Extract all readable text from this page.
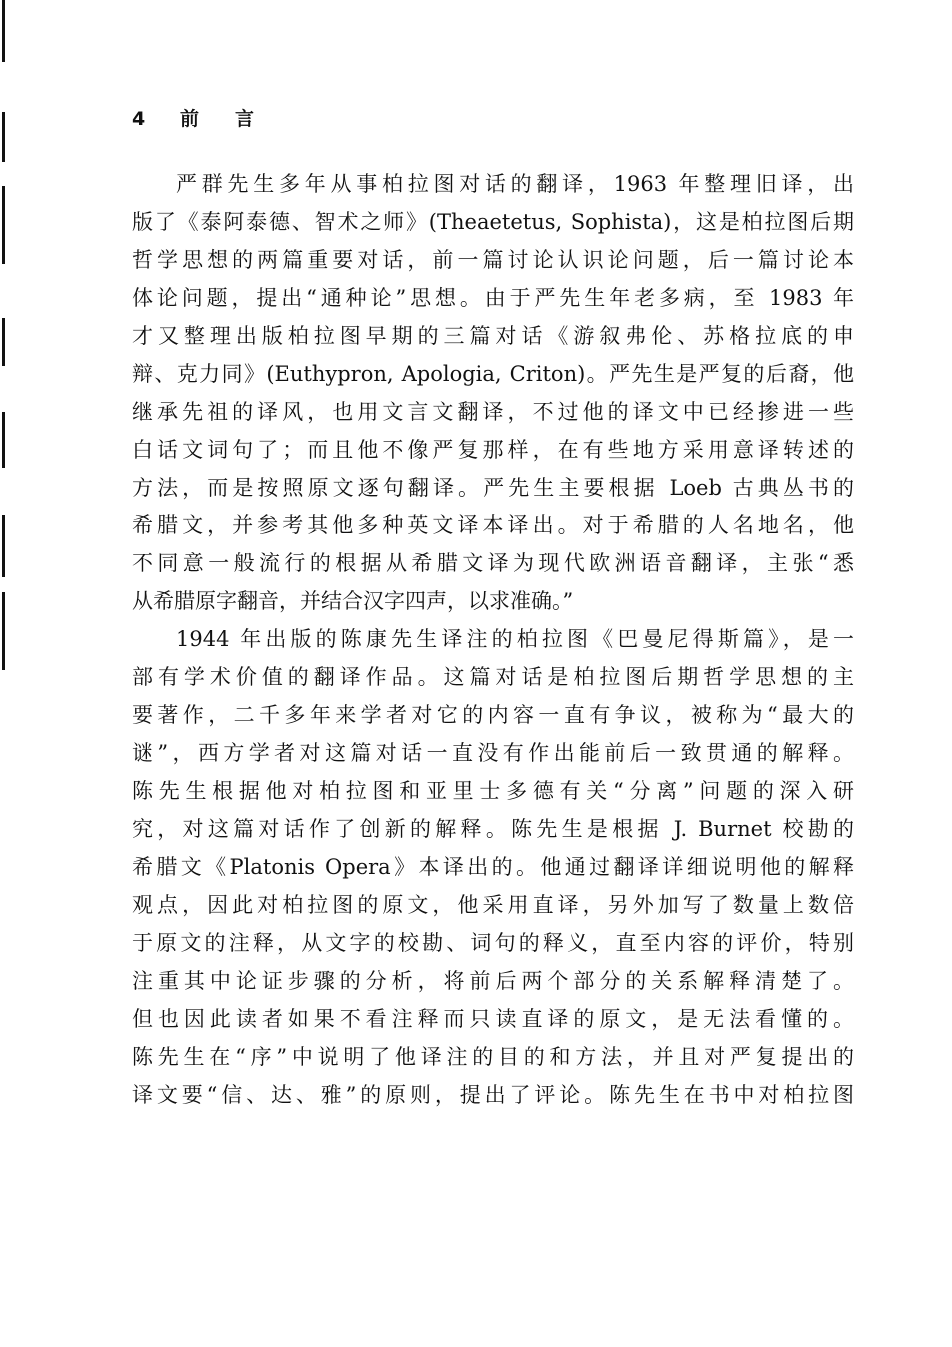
4 前言
严群先生多年从事柏拉图对话的翻译，1963 年整理旧译，出
版了《泰阿泰德、智术之师》(Theaetetus, Sophista)，这是柏拉图后期
哲学思想的两篇重要对话，前一篇讨论认识论问题，后一篇讨论本
体论问题，提出“通种论”思想。由于严先生年老多病，至 1983 年
才又整理出版柏拉图早期的三篇对话《游叙弗伦、苏格拉底的申
辩、克力同》(Euthypron, Apologia, Criton)。严先生是严复的后裔，他
继承先祖的译风，也用文言文翻译，不过他的译文中已经掺进一些
白话文词句了；而且他不像严复那样，在有些地方采用意译转述的
方法，而是按照原文逐句翻译。严先生主要根据 Loeb 古典丛书的
希腊文，并参考其他多种英文译本译出。对于希腊的人名地名，他
不同意一般流行的根据从希腊文译为现代欧洲语音翻译，主张“悉
从希腊原字翻音，并结合汉字四声，以求准确。”
1944 年出版的陈康先生译注的柏拉图《巴曼尼得斯篇》，是一
部有学术价值的翻译作品。这篇对话是柏拉图后期哲学思想的主
要著作，二千多年来学者对它的内容一直有争议，被称为“最大的
谜”，西方学者对这篇对话一直没有作出能前后一致贯通的解释。
陈先生根据他对柏拉图和亚里士多德有关“分离”问题的深入研
究，对这篇对话作了创新的解释。陈先生是根据 J. Burnet 校勘的
希腊文《Platonis Opera》本译出的。他通过翻译详细说明他的解释
观点，因此对柏拉图的原文，他采用直译，另外加写了数量上数倍
于原文的注释，从文字的校勘、词句的释义，直至内容的评价，特别
注重其中论证步骤的分析，将前后两个部分的关系解释清楚了。
但也因此读者如果不看注释而只读直译的原文，是无法看懂的。
陈先生在“序”中说明了他译注的目的和方法，并且对严复提出的
译文要“信、达、雅”的原则，提出了评论。陈先生在书中对柏拉图
